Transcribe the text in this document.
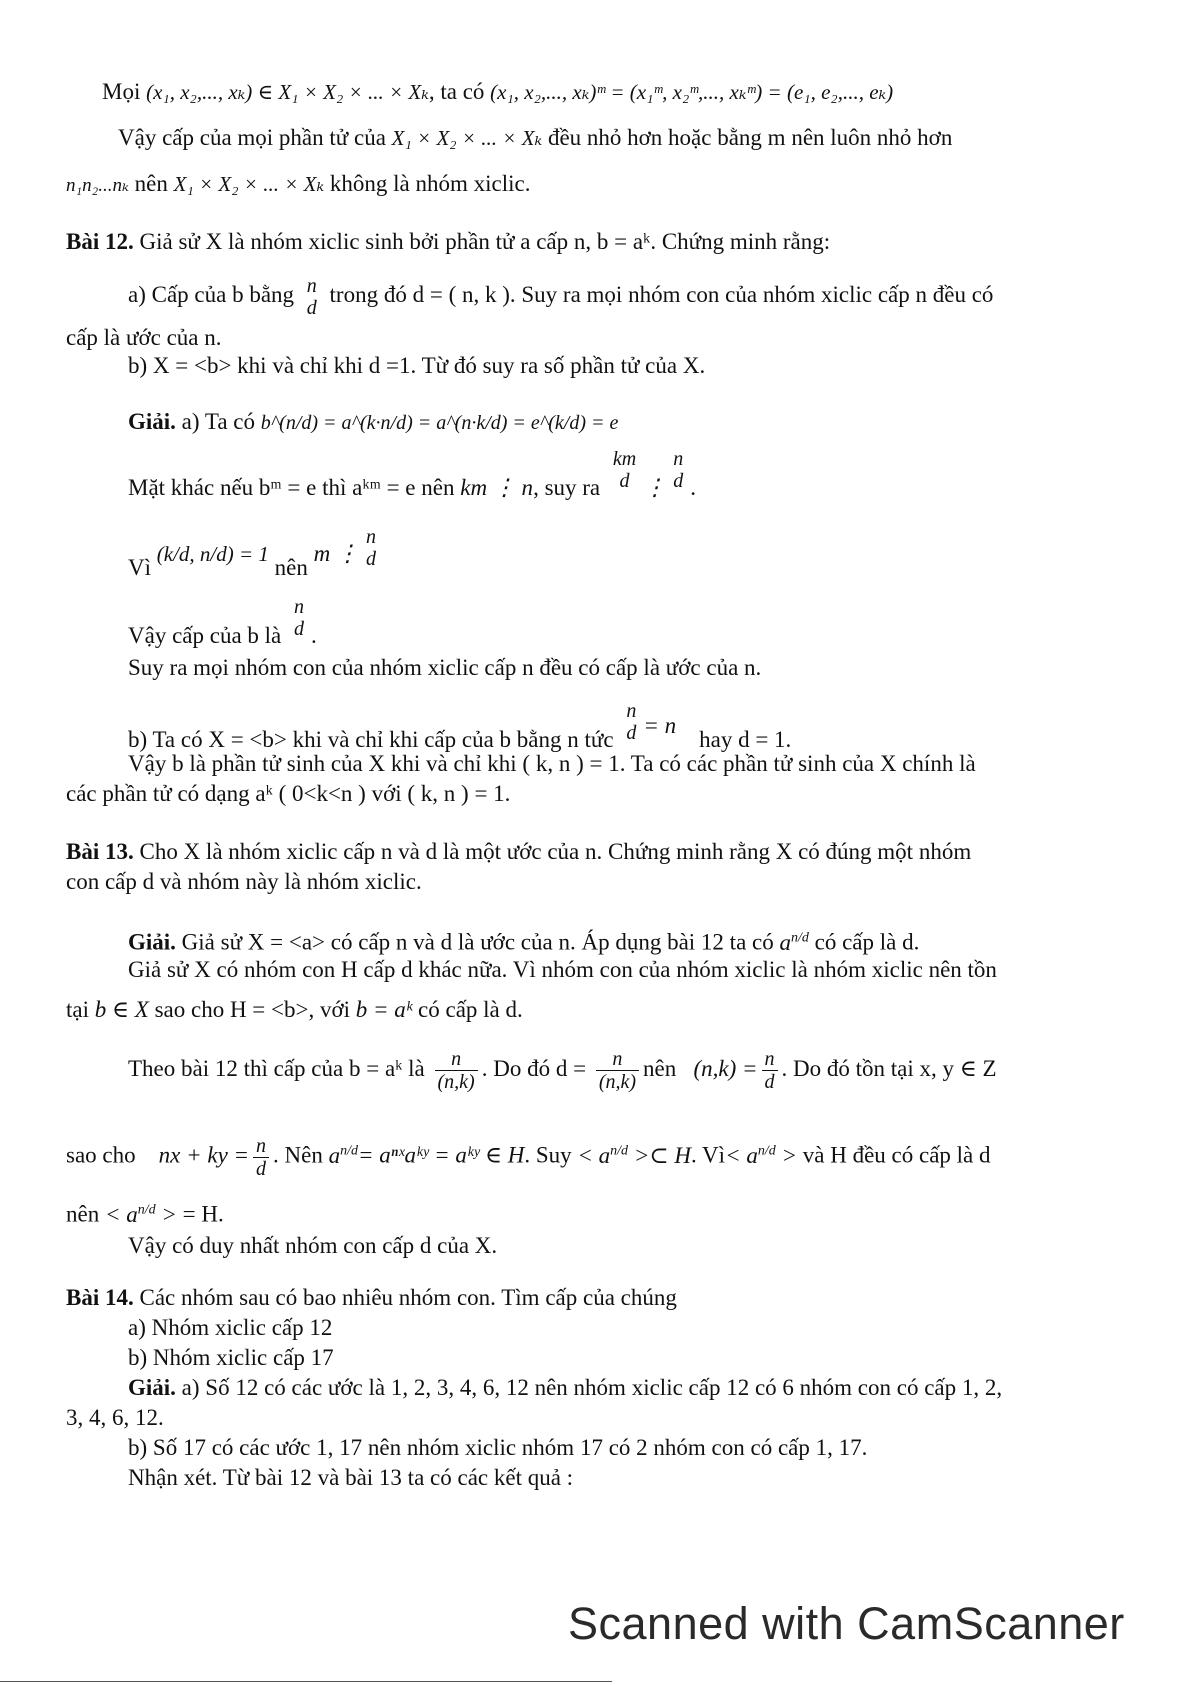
Mọi (x₁, x₂,..., xₖ) ∈ X₁ × X₂ × ... × Xₖ, ta có (x₁, x₂,..., xₖ)ᵐ = (x₁ᵐ, x₂ᵐ,..., xₖᵐ) = (e₁, e₂,..., eₖ)
Vậy cấp của mọi phần tử của X₁ × X₂ × ... × Xₖ đều nhỏ hơn hoặc bằng m nên luôn nhỏ hơn
n₁n₂...nₖ nên X₁ × X₂ × ... × Xₖ không là nhóm xiclic.
Bài 12. Giả sử X là nhóm xiclic sinh bởi phần tử a cấp n, b = aᵏ. Chứng minh rằng:
a) Cấp của b bằng n
d
trong đó d = ( n, k ). Suy ra mọi nhóm con của nhóm xiclic cấp n đều có
cấp là ước của n.
b) X = <b> khi và chỉ khi d =1. Từ đó suy ra số phần tử của X.
Giải. a) Ta có b^(n/d) = a^(k·n/d) = a^(n·k/d) = e^(k/d) = e
Mặt khác nếu bᵐ = e thì aᵏᵐ = e nên km ⋮ n, suy ra
km
d ⋮
n
d .
Vì (k/d, n/d) = 1 nên m ⋮
n
d
Vậy cấp của b là
n
d .
Suy ra mọi nhóm con của nhóm xiclic cấp n đều có cấp là ước của n.
b) Ta có X = <b> khi và chỉ khi cấp của b bằng n tức
n
d = n    hay d = 1.
Vậy b là phần tử sinh của X khi và chỉ khi ( k, n ) = 1. Ta có các phần tử sinh của X chính là
các phần tử có dạng aᵏ ( 0<k<n ) với ( k, n ) = 1.
Bài 13. Cho X là nhóm xiclic cấp n và d là một ước của n. Chứng minh rằng X có đúng một nhóm
con cấp d và nhóm này là nhóm xiclic.
Giải. Giả sử X = <a> có cấp n và d là ước của n. Áp dụng bài 12 ta có $a^{n/d}$ có cấp là d.
Giả sử X có nhóm con H cấp d khác nữa. Vì nhóm con của nhóm xiclic là nhóm xiclic nên tồn
tại b ∈ X sao cho H = <b>, với b = aᵏ có cấp là d.
Theo bài 12 thì cấp của b = aᵏ là $\frac{n}{(n,k)}$ . Do đó $d = \frac{n}{(n,k)}$ nên $(n,k) = \frac{n}{d}$ . Do đó tồn tại x, y ∈ Z
sao cho nx + ky = $\frac{n}{d}$ . Nên $a^{n/d}=$ aⁿˣaᵏʸ = aᵏʸ ∈ H. Suy < $a^{n/d}$ >⊂ H. Vì< $a^{n/d}$ > và H đều có cấp là d
nên < $a^{n/d}$ > = H.
Vậy có duy nhất nhóm con cấp d của X.
Bài 14. Các nhóm sau có bao nhiêu nhóm con. Tìm cấp của chúng
a) Nhóm xiclic cấp 12
b) Nhóm xiclic cấp 17
Giải. a) Số 12 có các ước là 1, 2, 3, 4, 6, 12 nên nhóm xiclic cấp 12 có 6 nhóm con có cấp 1, 2,
3, 4, 6, 12.
b) Số 17 có các ước 1, 17 nên nhóm xiclic nhóm 17 có 2 nhóm con có cấp 1, 17.
Nhận xét. Từ bài 12 và bài 13 ta có các kết quả :
Scanned with CamScanner
